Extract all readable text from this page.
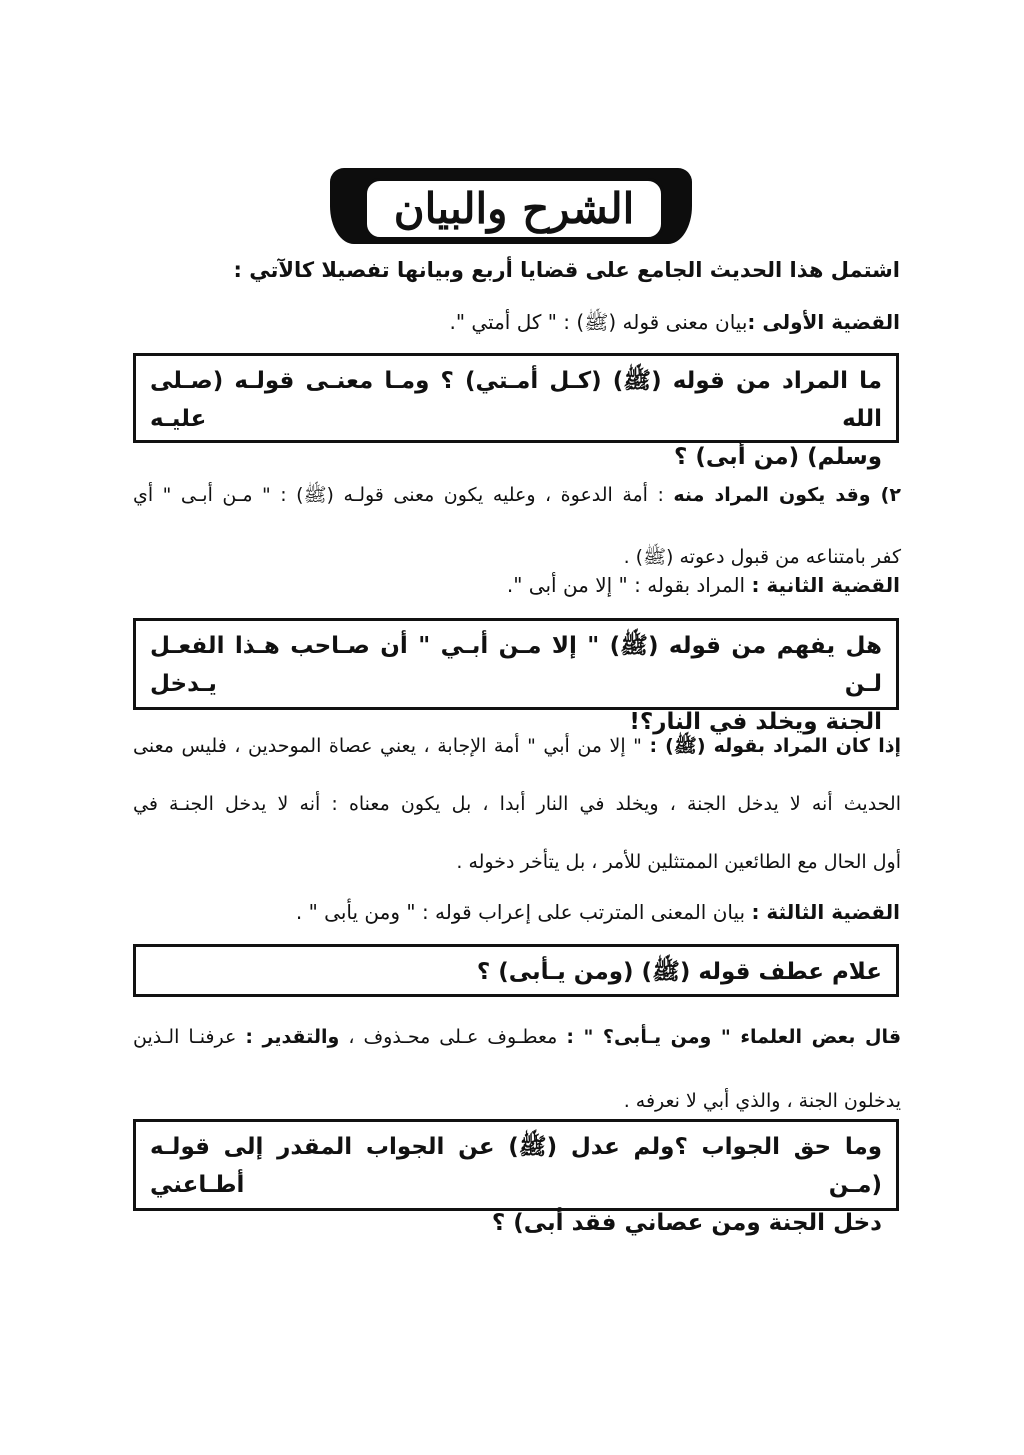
الشرح والبيان
اشتمل هذا الحديث الجامع على قضايا أربع وبيانها تفصيلا كالآتي :
القضية الأولى :بيان معنى قوله (ﷺ) : " كل أمتي ".
ما المراد من قوله (ﷺ) (كـل أمـتي) ؟ ومـا معنـى قولـه (صـلى الله عليـه
وسلم) (من أبى) ؟
٢) وقد يكون المراد منه : أمة الدعوة ، وعليه يكون معنى قولـه (ﷺ) : " مـن أبـى " أي
كفر بامتناعه من قبول دعوته (ﷺ) .
القضية الثانية : المراد بقوله : " إلا من أبى ".
هل يفهم من قوله (ﷺ) " إلا مـن أبـي " أن صـاحب هـذا الفعـل لـن يـدخل
الجنة ويخلد في النار؟!
إذا كان المراد بقوله (ﷺ) : " إلا من أبي " أمة الإجابة ، يعني عصاة الموحدين ، فليس معنى
الحديث أنه لا يدخل الجنة ، ويخلد في النار أبدا ، بل يكون معناه : أنه لا يدخل الجنـة في
أول الحال مع الطائعين الممتثلين للأمر ، بل يتأخر دخوله .
القضية الثالثة : بيان المعنى المترتب على إعراب قوله : " ومن يأبى " .
علام عطف قوله (ﷺ) (ومن يـأبى) ؟
قال بعض العلماء " ومن يـأبى؟ " : معطـوف عـلى محـذوف ، والتقدير : عرفنـا الـذين
يدخلون الجنة ، والذي أبي لا نعرفه .
وما حق الجواب ؟ولم عدل (ﷺ) عن الجواب المقدر إلى قولـه (مـن أطـاعني
دخل الجنة ومن عصاني فقد أبى) ؟
